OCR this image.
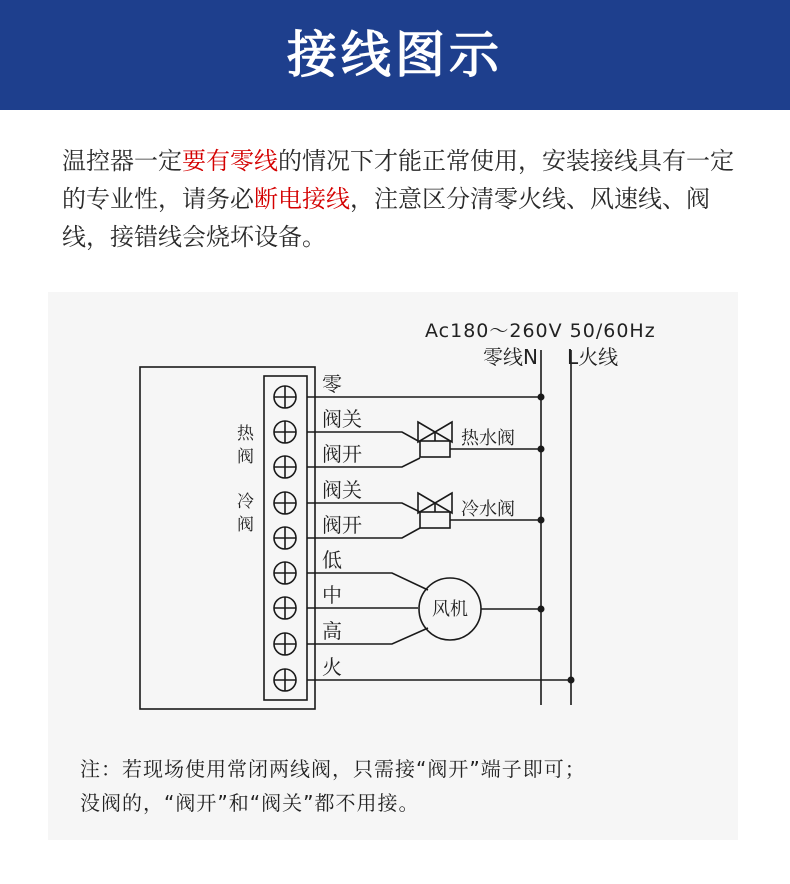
接线图示
温控器一定要有零线的情况下才能正常使用，安装接线具有一定的专业性，请务必断电接线，注意区分清零火线、风速线、阀线，接错线会烧坏设备。
Ac180～260V 50/60Hz
零线N L火线
热阀
冷阀
零
阀关
阀开
阀关
阀开
低
中
高
火
热水阀
冷水阀
风机
注：若现场使用常闭两线阀，只需接“阀开”端子即可；
没阀的，“阀开”和“阀关”都不用接。
